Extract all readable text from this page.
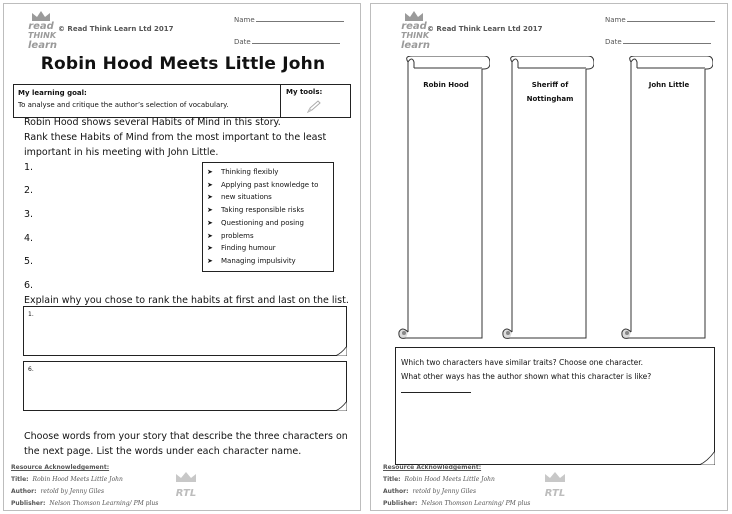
read
THINK
learn
© Read Think Learn Ltd 2017
Name
Date
Robin Hood Meets Little John
My learning goal:
To analyse and critique the author’s selection of vocabulary.
My tools:
Robin Hood shows several Habits of Mind in this story.
Rank these Habits of Mind from the most important to the least
important in his meeting with John Little.
1.
2.
3.
4.
5.
6.
➤ Thinking flexibly
➤ Applying past knowledge to
➤ new situations
➤ Taking responsible risks
➤ Questioning and posing
➤ problems
➤ Finding humour
➤ Managing impulsivity
Explain why you chose to rank the habits at first and last on the list.
1.
6.
Choose words from your story that describe the three characters on
the next page. List the words under each character name.
Resource Acknowledgement:
Title: Robin Hood Meets Little John
Author: retold by Jenny Giles
Publisher: Nelson Thomson Learning/ PM plus
RTL
read
THINK
learn
© Read Think Learn Ltd 2017
Name
Date
Robin Hood	Sheriff of Nottingham
John Little
Which two characters have similar traits? Choose one character.
What other ways has the author shown what this character is like?
Resource Acknowledgement:
Title: Robin Hood Meets Little John
Author: retold by Jenny Giles
Publisher: Nelson Thomson Learning/ PM plus
RTL
